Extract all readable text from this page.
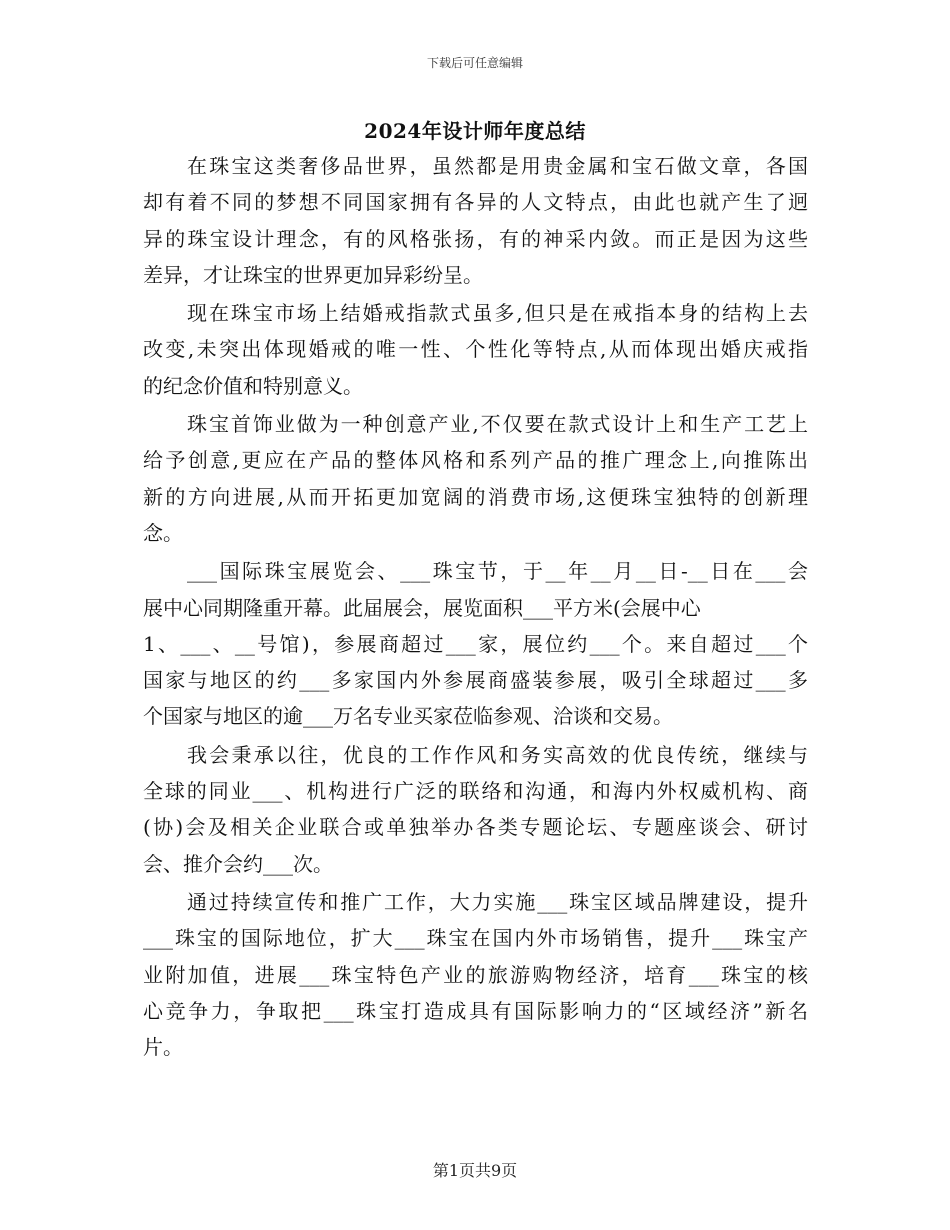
下载后可任意编辑
2024年设计师年度总结
在珠宝这类奢侈品世界，虽然都是用贵金属和宝石做文章，各国
却有着不同的梦想不同国家拥有各异的人文特点，由此也就产生了迥
异的珠宝设计理念，有的风格张扬，有的神采内敛。而正是因为这些
差异，才让珠宝的世界更加异彩纷呈。
现在珠宝市场上结婚戒指款式虽多,但只是在戒指本身的结构上去
改变,未突出体现婚戒的唯一性、个性化等特点,从而体现出婚庆戒指
的纪念价值和特别意义。
珠宝首饰业做为一种创意产业,不仅要在款式设计上和生产工艺上
给予创意,更应在产品的整体风格和系列产品的推广理念上,向推陈出
新的方向进展,从而开拓更加宽阔的消费市场,这便珠宝独特的创新理
念。
___国际珠宝展览会、___珠宝节，于__年__月__日-__日在___会
展中心同期隆重开幕。此届展会，展览面积___平方米(会展中心
1、___、__号馆)，参展商超过___家，展位约___个。来自超过___个
国家与地区的约___多家国内外参展商盛装参展，吸引全球超过___多
个国家与地区的逾___万名专业买家莅临参观、洽谈和交易。
我会秉承以往，优良的工作作风和务实高效的优良传统，继续与
全球的同业___、机构进行广泛的联络和沟通，和海内外权威机构、商
(协)会及相关企业联合或单独举办各类专题论坛、专题座谈会、研讨
会、推介会约___次。
通过持续宣传和推广工作，大力实施___珠宝区域品牌建设，提升
___珠宝的国际地位，扩大___珠宝在国内外市场销售，提升___珠宝产
业附加值，进展___珠宝特色产业的旅游购物经济，培育___珠宝的核
心竞争力，争取把___珠宝打造成具有国际影响力的“区域经济”新名
片。
第1页共9页
